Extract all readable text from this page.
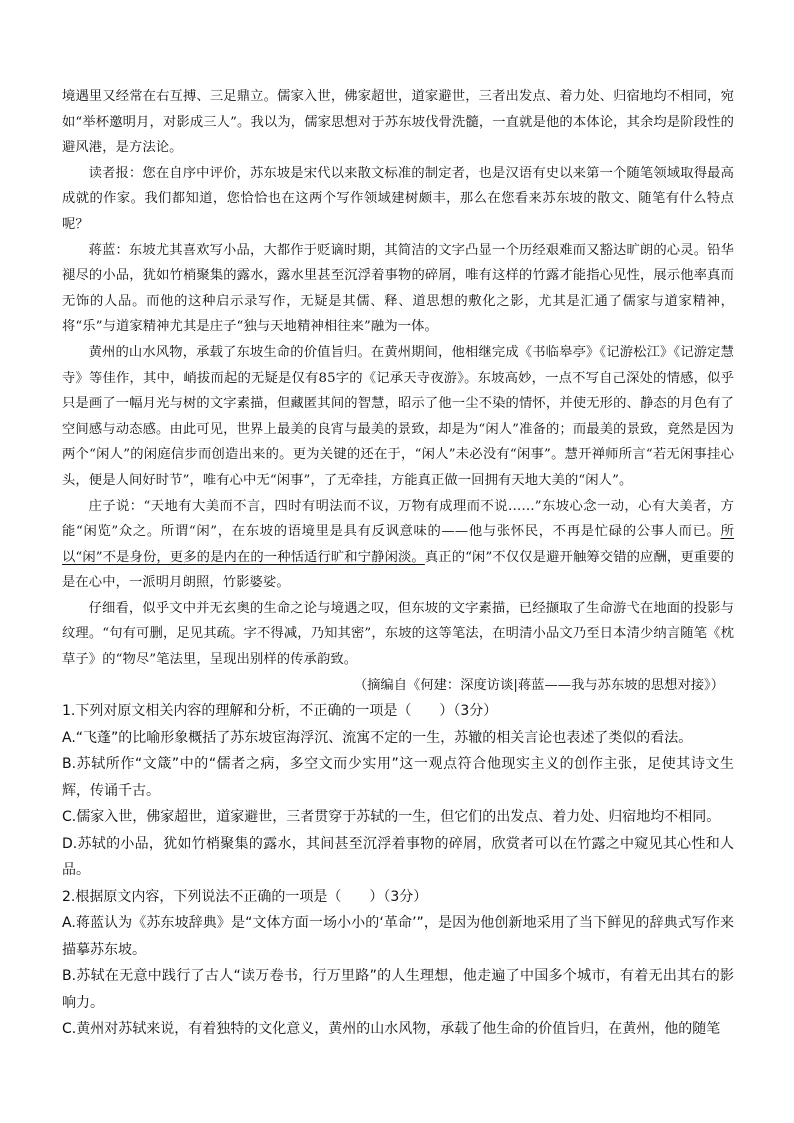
境遇里又经常在右互搏、三足鼎立。儒家入世，佛家超世，道家避世，三者出发点、着力处、归宿地均不相同，宛如“举杯邀明月，对影成三人”。我以为，儒家思想对于苏东坡伐骨洗髓，一直就是他的本体论，其余均是阶段性的避风港，是方法论。

读者报：您在自序中评价，苏东坡是宋代以来散文标准的制定者，也是汉语有史以来第一个随笔领域取得最高成就的作家。我们都知道，您恰恰也在这两个写作领域建树颇丰，那么在您看来苏东坡的散文、随笔有什么特点呢？

蒋蓝：东坡尤其喜欢写小品，大都作于贬谪时期，其简洁的文字凸显一个历经艰难而又豁达旷朗的心灵。铅华褪尽的小品，犹如竹梢聚集的露水，露水里甚至沉浮着事物的碎屑，唯有这样的竹露才能指心见性，展示他率真而无饰的人品。而他的这种启示录写作，无疑是其儒、释、道思想的敷化之影，尤其是汇通了儒家与道家精神，将“乐”与道家精神尤其是庄子“独与天地精神相往来”融为一体。

黄州的山水风物，承载了东坡生命的价值旨归。在黄州期间，他相继完成《书临皋亭》《记游松江》《记游定慧寺》等佳作，其中，峭拔而起的无疑是仅有85字的《记承天寺夜游》。东坡高妙，一点不写自己深处的情感，似乎只是画了一幅月光与树的文字素描，但藏匿其间的智慧，昭示了他一尘不染的情怀，并使无形的、静态的月色有了空间感与动态感。由此可见，世界上最美的良宵与最美的景致，却是为“闲人”准备的；而最美的景致，竟然是因为两个“闲人”的闲庭信步而创造出来的。更为关键的还在于，“闲人”未必没有“闲事”。慧开禅师所言“若无闲事挂心头，便是人间好时节”，唯有心中无“闲事”，了无牵挂，方能真正做一回拥有天地大美的“闲人”。

庄子说：“天地有大美而不言，四时有明法而不议，万物有成理而不说……”东坡心念一动，心有大美者，方能“闲览”众之。所谓“闲”，在东坡的语境里是具有反讽意味的——他与张怀民，不再是忙碌的公事人而已。所以“闲”不是身份，更多的是内在的一种恬适行旷和宁静闲淡。真正的“闲”不仅仅是避开触筹交错的应酬，更重要的是在心中，一派明月朗照，竹影婆娑。

仔细看，似乎文中并无玄奥的生命之论与境遇之叹，但东坡的文字素描，已经撷取了生命游弋在地面的投影与纹理。“句有可删，足见其疏。字不得减，乃知其密”，东坡的这等笔法，在明清小品文乃至日本清少纳言随笔《枕草子》的“物尽”笔法里，呈现出别样的传承韵致。

（摘编自《何建：深度访谈|蒋蓝——我与苏东坡的思想对接》）

1.下列对原文相关内容的理解和分析，不正确的一项是（　　）（3分）

A.“飞蓬”的比喻形象概括了苏东坡宦海浮沉、流寓不定的一生，苏辙的相关言论也表述了类似的看法。

B.苏轼所作“文箴”中的“儒者之病，多空文而少实用”这一观点符合他现实主义的创作主张，足使其诗文生辉，传诵千古。

C.儒家入世，佛家超世，道家避世，三者贯穿于苏轼的一生，但它们的出发点、着力处、归宿地均不相同。

D.苏轼的小品，犹如竹梢聚集的露水，其间甚至沉浮着事物的碎屑，欣赏者可以在竹露之中窥见其心性和人品。

2.根据原文内容，下列说法不正确的一项是（　　）（3分）

A.蒋蓝认为《苏东坡辞典》是“文体方面一场小小的‘革命’”，是因为他创新地采用了当下鲜见的辞典式写作来描摹苏东坡。

B.苏轼在无意中践行了古人“读万卷书，行万里路”的人生理想，他走遍了中国多个城市，有着无出其右的影响力。

C.黄州对苏轼来说，有着独特的文化意义，黄州的山水风物，承载了他生命的价值旨归，在黄州，他的随笔
